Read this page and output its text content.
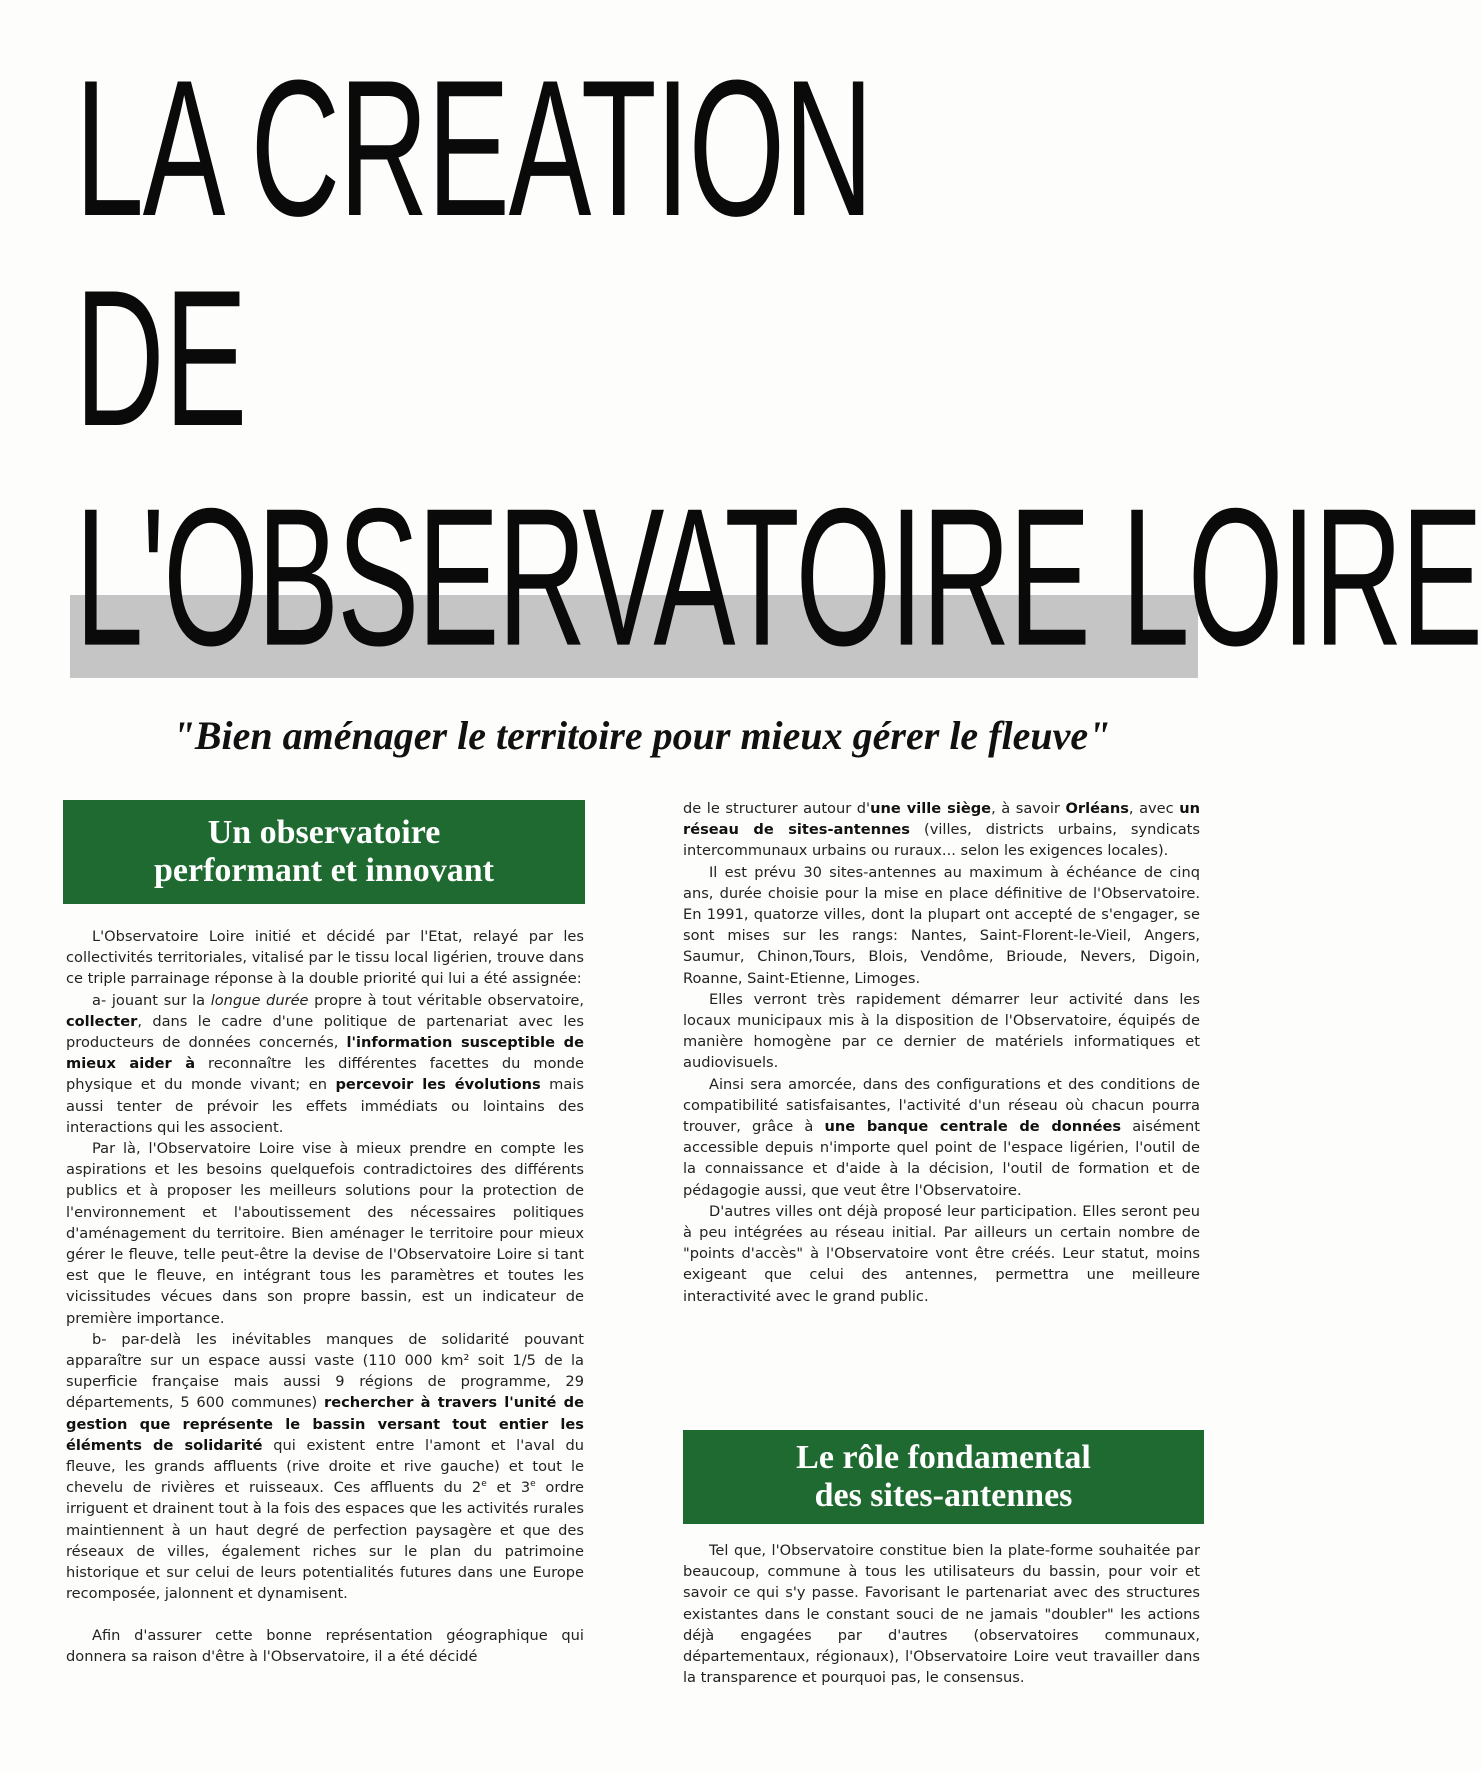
LA CREATION
DE
L'OBSERVATOIRE LOIRE

"Bien aménager le territoire pour mieux gérer le fleuve"

Un observatoire
performant et innovant

L'Observatoire Loire initié et décidé par l'Etat, relayé par les collectivités territoriales, vitalisé par le tissu local ligérien, trouve dans ce triple parrainage réponse à la double priorité qui lui a été assignée:

a- jouant sur la longue durée propre à tout véritable observatoire, collecter, dans le cadre d'une politique de partenariat avec les producteurs de données concernés, l'information susceptible de mieux aider à reconnaître les différentes facettes du monde physique et du monde vivant; en percevoir les évolutions mais aussi tenter de prévoir les effets immédiats ou lointains des interactions qui les associent.

Par là, l'Observatoire Loire vise à mieux prendre en compte les aspirations et les besoins quelquefois contradictoires des différents publics et à proposer les meilleurs solutions pour la protection de l'environnement et l'aboutissement des nécessaires politiques d'aménagement du territoire. Bien aménager le territoire pour mieux gérer le fleuve, telle peut-être la devise de l'Observatoire Loire si tant est que le fleuve, en intégrant tous les paramètres et toutes les vicissitudes vécues dans son propre bassin, est un indicateur de première importance.

b- par-delà les inévitables manques de solidarité pouvant apparaître sur un espace aussi vaste (110 000 km² soit 1/5 de la superficie française mais aussi 9 régions de programme, 29 départements, 5 600 communes) rechercher à travers l'unité de gestion que représente le bassin versant tout entier les éléments de solidarité qui existent entre l'amont et l'aval du fleuve, les grands affluents (rive droite et rive gauche) et tout le chevelu de rivières et ruisseaux. Ces affluents du 2e et 3e ordre irriguent et drainent tout à la fois des espaces que les activités rurales maintiennent à un haut degré de perfection paysagère et que des réseaux de villes, également riches sur le plan du patrimoine historique et sur celui de leurs potentialités futures dans une Europe recomposée, jalonnent et dynamisent.

Afin d'assurer cette bonne représentation géographique qui donnera sa raison d'être à l'Observatoire, il a été décidé

de le structurer autour d'une ville siège, à savoir Orléans, avec un réseau de sites-antennes (villes, districts urbains, syndicats intercommunaux urbains ou ruraux... selon les exigences locales).

Il est prévu 30 sites-antennes au maximum à échéance de cinq ans, durée choisie pour la mise en place définitive de l'Observatoire. En 1991, quatorze villes, dont la plupart ont accepté de s'engager, se sont mises sur les rangs: Nantes, Saint-Florent-le-Vieil, Angers, Saumur, Chinon,Tours, Blois, Vendôme, Brioude, Nevers, Digoin, Roanne, Saint-Etienne, Limoges.

Elles verront très rapidement démarrer leur activité dans les locaux municipaux mis à la disposition de l'Observatoire, équipés de manière homogène par ce dernier de matériels informatiques et audiovisuels.

Ainsi sera amorcée, dans des configurations et des conditions de compatibilité satisfaisantes, l'activité d'un réseau où chacun pourra trouver, grâce à une banque centrale de données aisément accessible depuis n'importe quel point de l'espace ligérien, l'outil de la connaissance et d'aide à la décision, l'outil de formation et de pédagogie aussi, que veut être l'Observatoire.

D'autres villes ont déjà proposé leur participation. Elles seront peu à peu intégrées au réseau initial. Par ailleurs un certain nombre de "points d'accès" à l'Observatoire vont être créés. Leur statut, moins exigeant que celui des antennes, permettra une meilleure interactivité avec le grand public.

Le rôle fondamental
des sites-antennes

Tel que, l'Observatoire constitue bien la plate-forme souhaitée par beaucoup, commune à tous les utilisateurs du bassin, pour voir et savoir ce qui s'y passe. Favorisant le partenariat avec des structures existantes dans le constant souci de ne jamais "doubler" les actions déjà engagées par d'autres (observatoires communaux, départementaux, régionaux), l'Observatoire Loire veut travailler dans la transparence et pourquoi pas, le consensus.
